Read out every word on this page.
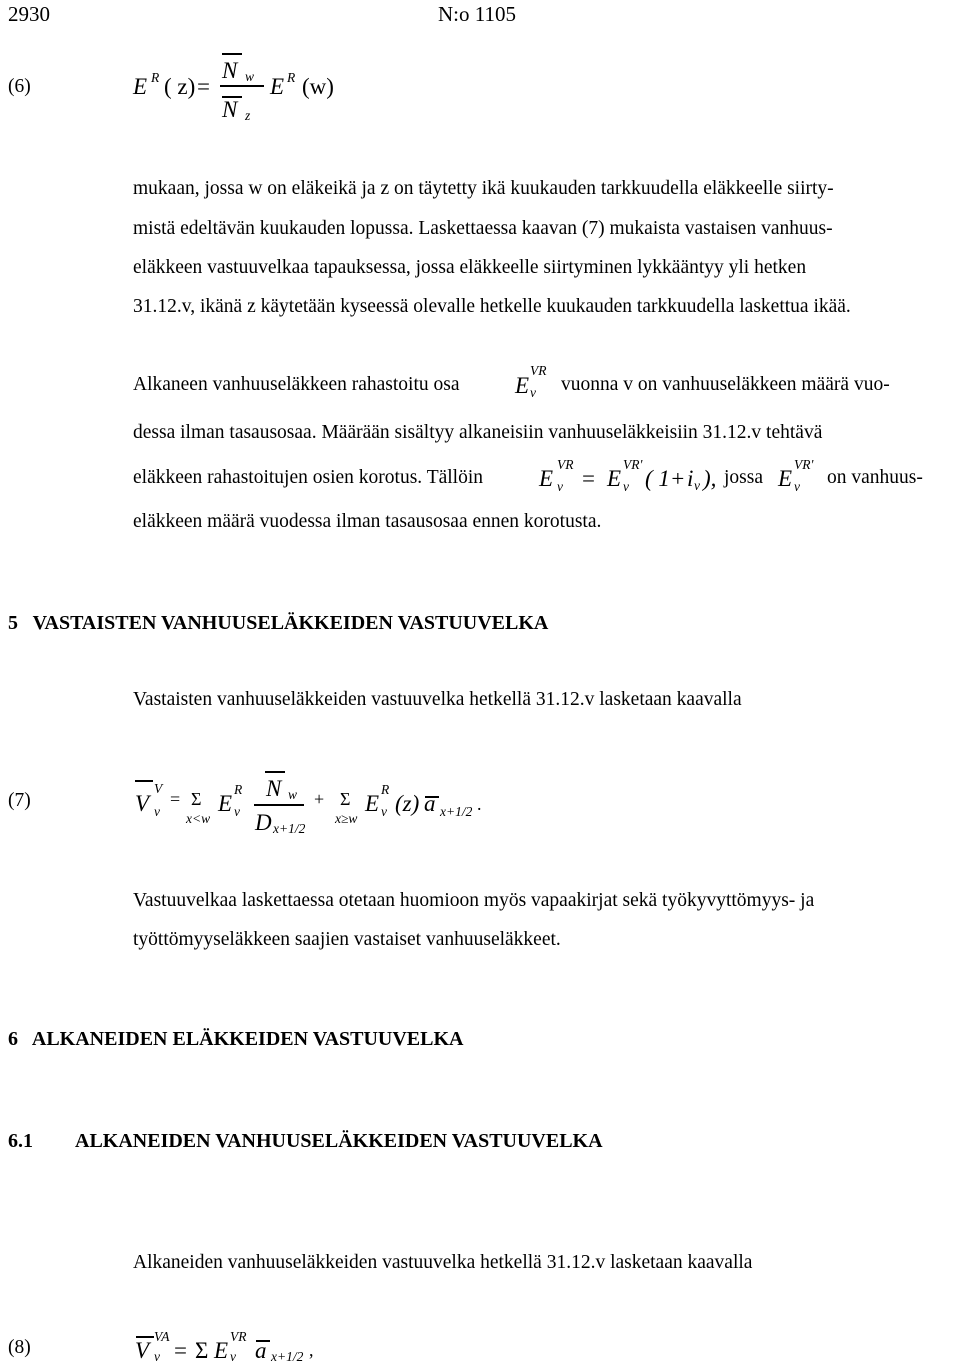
2930	N:o 1105
(6)	E R ( z) =
N w
N z
E R (w)
mukaan, jossa w on eläkeikä ja z on täytetty ikä kuukauden tarkkuudella eläkkeelle siirty-
mistä edeltävän kuukauden lopussa. Laskettaessa kaavan (7) mukaista vastaisen vanhuus-
eläkkeen vastuuvelkaa tapauksessa, jossa eläkkeelle siirtyminen lykkääntyy yli hetken
31.12.v, ikänä z käytetään kyseessä olevalle hetkelle kuukauden tarkkuudella laskettua ikää.
Alkaneen vanhuuseläkkeen rahastoitu osa E
VR
v vuonna v on vanhuuseläkkeen määrä vuo-
dessa ilman tasausosaa. Määrään sisältyy alkaneisiin vanhuuseläkkeisiin 31.12.v tehtävä
eläkkeen rahastoitujen osien korotus. Tällöin E
VR
v = E
VR'
v ( 1+ i v ), jossa E
VR'
v on vanhuus-
eläkkeen määrä vuodessa ilman tasausosaa ennen korotusta.
5   VASTAISTEN VANHUUSELÄKKEIDEN VASTUUVELKA
Vastaisten vanhuuseläkkeiden vastuuvelka hetkellä 31.12.v lasketaan kaavalla
(7)	V
V
v
= Σ
x<w
E
R
v
N w
D x+1/2
+ Σ
x≥w
E
R
v (z) a x+1/2 .
Vastuuvelkaa laskettaessa otetaan huomioon myös vapaakirjat sekä työkyvyttömyys- ja
työttömyyseläkkeen saajien vastaiset vanhuuseläkkeet.
6   ALKANEIDEN ELÄKKEIDEN VASTUUVELKA
6.1 ALKANEIDEN VANHUUSELÄKKEIDEN VASTUUVELKA
Alkaneiden vanhuuseläkkeiden vastuuvelka hetkellä 31.12.v lasketaan kaavalla
(8)	V
VA
v = Σ E
VR
v a x+1/2 ,
